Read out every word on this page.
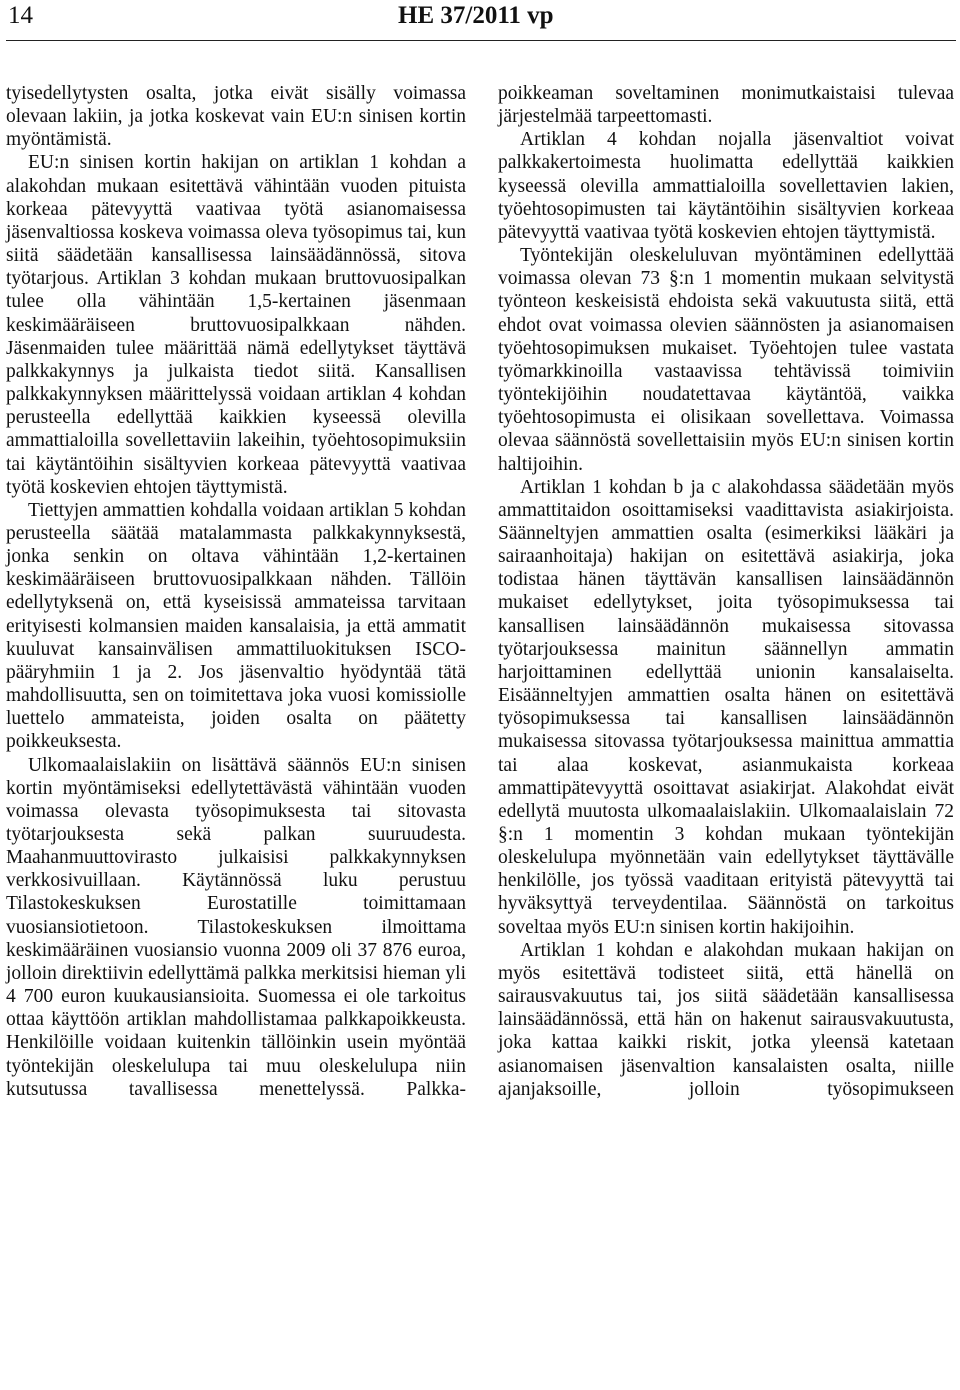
14	HE 37/2011 vp

tyisedellytysten osalta, jotka eivät sisälly voimassa olevaan lakiin, ja jotka koskevat vain EU:n sinisen kortin myöntämistä.

EU:n sinisen kortin hakijan on artiklan 1 kohdan a alakohdan mukaan esitettävä vähintään vuoden pituista korkeaa pätevyyttä vaativaa työtä asianomaisessa jäsenvaltiossa koskeva voimassa oleva työsopimus tai, kun siitä säädetään kansallisessa lainsäädännössä, sitova työtarjous. Artiklan 3 kohdan mukaan bruttovuosipalkan tulee olla vähintään 1,5-kertainen jäsenmaan keskimääräiseen bruttovuosipalkkaan nähden. Jäsenmaiden tulee määrittää nämä edellytykset täyttävä palkkakynnys ja julkaista tiedot siitä. Kansallisen palkkakynnyksen määrittelyssä voidaan artiklan 4 kohdan perusteella edellyttää kaikkien kyseessä olevilla ammattialoilla sovellettaviin lakeihin, työehtosopimuksiin tai käytäntöihin sisältyvien korkeaa pätevyyttä vaativaa työtä koskevien ehtojen täyttymistä.

Tiettyjen ammattien kohdalla voidaan artiklan 5 kohdan perusteella säätää matalammasta palkkakynnyksestä, jonka senkin on oltava vähintään 1,2-kertainen keskimääräiseen bruttovuosipalkkaan nähden. Tällöin edellytyksenä on, että kyseisissä ammateissa tarvitaan erityisesti kolmansien maiden kansalaisia, ja että ammatit kuuluvat kansainvälisen ammattiluokituksen ISCO-pääryhmiin 1 ja 2. Jos jäsenvaltio hyödyntää tätä mahdollisuutta, sen on toimitettava joka vuosi komissiolle luettelo ammateista, joiden osalta on päätetty poikkeuksesta.

Ulkomaalaislakiin on lisättävä säännös EU:n sinisen kortin myöntämiseksi edellytettävästä vähintään vuoden voimassa olevasta työsopimuksesta tai sitovasta työtarjouksesta sekä palkan suuruudesta. Maahanmuuttovirasto julkaisisi palkkakynnyksen verkkosivuillaan. Käytännössä luku perustuu Tilastokeskuksen Eurostatille toimittamaan vuosiansiotietoon. Tilastokeskuksen ilmoittama keskimääräinen vuosiansio vuonna 2009 oli 37 876 euroa, jolloin direktiivin edellyttämä palkka merkitsisi hieman yli 4 700 euron kuukausiansioita. Suomessa ei ole tarkoitus ottaa käyttöön artiklan mahdollistamaa palkkapoikkeusta. Henkilöille voidaan kuitenkin tällöinkin usein myöntää työntekijän oleskelulupa tai muu oleskelulupa niin kutsutussa tavallisessa menettelyssä. Palkka-

poikkeaman soveltaminen monimutkaistaisi tulevaa järjestelmää tarpeettomasti.

Artiklan 4 kohdan nojalla jäsenvaltiot voivat palkkakertoimesta huolimatta edellyttää kaikkien kyseessä olevilla ammattialoilla sovellettavien lakien, työehtosopimusten tai käytäntöihin sisältyvien korkeaa pätevyyttä vaativaa työtä koskevien ehtojen täyttymistä.

Työntekijän oleskeluluvan myöntäminen edellyttää voimassa olevan 73 §:n 1 momentin mukaan selvitystä työnteon keskeisistä ehdoista sekä vakuutusta siitä, että ehdot ovat voimassa olevien säännösten ja asianomaisen työehtosopimuksen mukaiset. Työehtojen tulee vastata työmarkkinoilla vastaavissa tehtävissä toimiviin työntekijöihin noudatettavaa käytäntöä, vaikka työehtosopimusta ei olisikaan sovellettava. Voimassa olevaa säännöstä sovellettaisiin myös EU:n sinisen kortin haltijoihin.

Artiklan 1 kohdan b ja c alakohdassa säädetään myös ammattitaidon osoittamiseksi vaadittavista asiakirjoista. Säänneltyjen ammattien osalta (esimerkiksi lääkäri ja sairaanhoitaja) hakijan on esitettävä asiakirja, joka todistaa hänen täyttävän kansallisen lainsäädännön mukaiset edellytykset, joita työsopimuksessa tai kansallisen lainsäädännön mukaisessa sitovassa työtarjouksessa mainitun säännellyn ammatin harjoittaminen edellyttää unionin kansalaiselta. Eisäänneltyjen ammattien osalta hänen on esitettävä työsopimuksessa tai kansallisen lainsäädännön mukaisessa sitovassa työtarjouksessa mainittua ammattia tai alaa koskevat, asianmukaista korkeaa ammattipätevyyttä osoittavat asiakirjat. Alakohdat eivät edellytä muutosta ulkomaalaislakiin. Ulkomaalaislain 72 §:n 1 momentin 3 kohdan mukaan työntekijän oleskelulupa myönnetään vain edellytykset täyttävälle henkilölle, jos työssä vaaditaan erityistä pätevyyttä tai hyväksyttyä terveydentilaa. Säännöstä on tarkoitus soveltaa myös EU:n sinisen kortin hakijoihin.

Artiklan 1 kohdan e alakohdan mukaan hakijan on myös esitettävä todisteet siitä, että hänellä on sairausvakuutus tai, jos siitä säädetään kansallisessa lainsäädännössä, että hän on hakenut sairausvakuutusta, joka kattaa kaikki riskit, jotka yleensä katetaan asianomaisen jäsenvaltion kansalaisten osalta, niille ajanjaksoille, jolloin työsopimukseen
